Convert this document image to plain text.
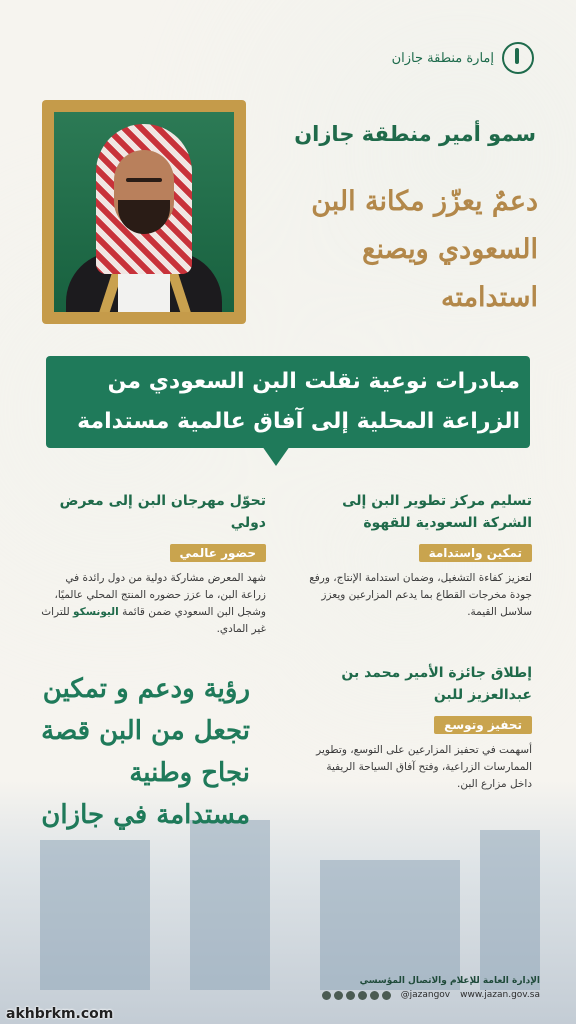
إمارة منطقة جازان
سمو أمير منطقة جازان
دعمٌ يعزّز مكانة البن السعودي ويصنع استدامته
مبادرات نوعية نقلت البن السعودي من الزراعة المحلية إلى آفاق عالمية مستدامة
تسليم مركز تطوير البن إلى الشركة السعودية للقهوة
تمكين واستدامة
لتعزيز كفاءة التشغيل، وضمان استدامة الإنتاج، ورفع جودة مخرجات القطاع بما يدعم المزارعين ويعزز سلاسل القيمة.
تحوّل مهرجان البن إلى معرض دولي
حضور عالمي
شهد المعرض مشاركة دولية من دول رائدة في زراعة البن، ما عزز حضوره المنتج المحلي عالميًا، وشجل البن السعودي ضمن قائمة اليونسكو للتراث غير المادي.
إطلاق جائزة الأمير محمد بن عبدالعزيز للبن
تحفيز وتوسع
أسهمت في تحفيز المزارعين على التوسع، وتطوير الممارسات الزراعية، وفتح آفاق السياحة الريفية داخل مزارع البن.
رؤية ودعم و تمكين تجعل من البن قصة نجاح وطنية مستدامة في جازان
الإدارة العامة للإعلام والاتصال المؤسسي
www.jazan.gov.sa
@jazangov
akhbrkm.com
